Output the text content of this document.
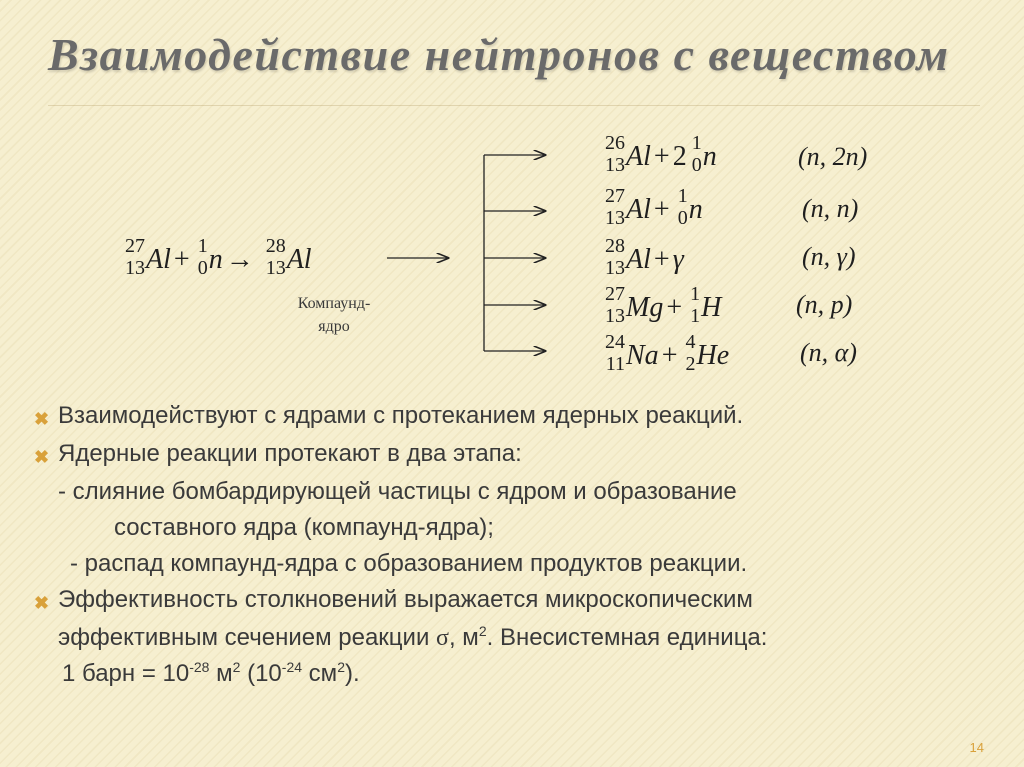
Взаимодействие нейтронов с веществом
27
13 Al + 1
0 n → 28
13 Al
Компаунд-
ядро
26
13 Al + 2 1
0 n	(n, 2n)
27
13 Al + 1
0 n	(n, n)
28
13 Al + γ	(n, γ)
27
13 Mg + 1
1 H	(n, p)
24
11 Na + 4
2 He	(n, α)
✖ Взаимодействуют с ядрами с протеканием ядерных реакций.
✖ Ядерные реакции протекают в два этапа:
- слияние бомбардирующей частицы с ядром и образование
составного ядра (компаунд-ядра);
- распад компаунд-ядра с образованием продуктов реакции.
✖ Эффективность столкновений выражается микроскопическим
эффективным сечением реакции σ, $м^2$. Внесистемная единица:
1 барн = $10^{-28}$ $м^2$ ($10^{-24}$ $см^2$).
14
